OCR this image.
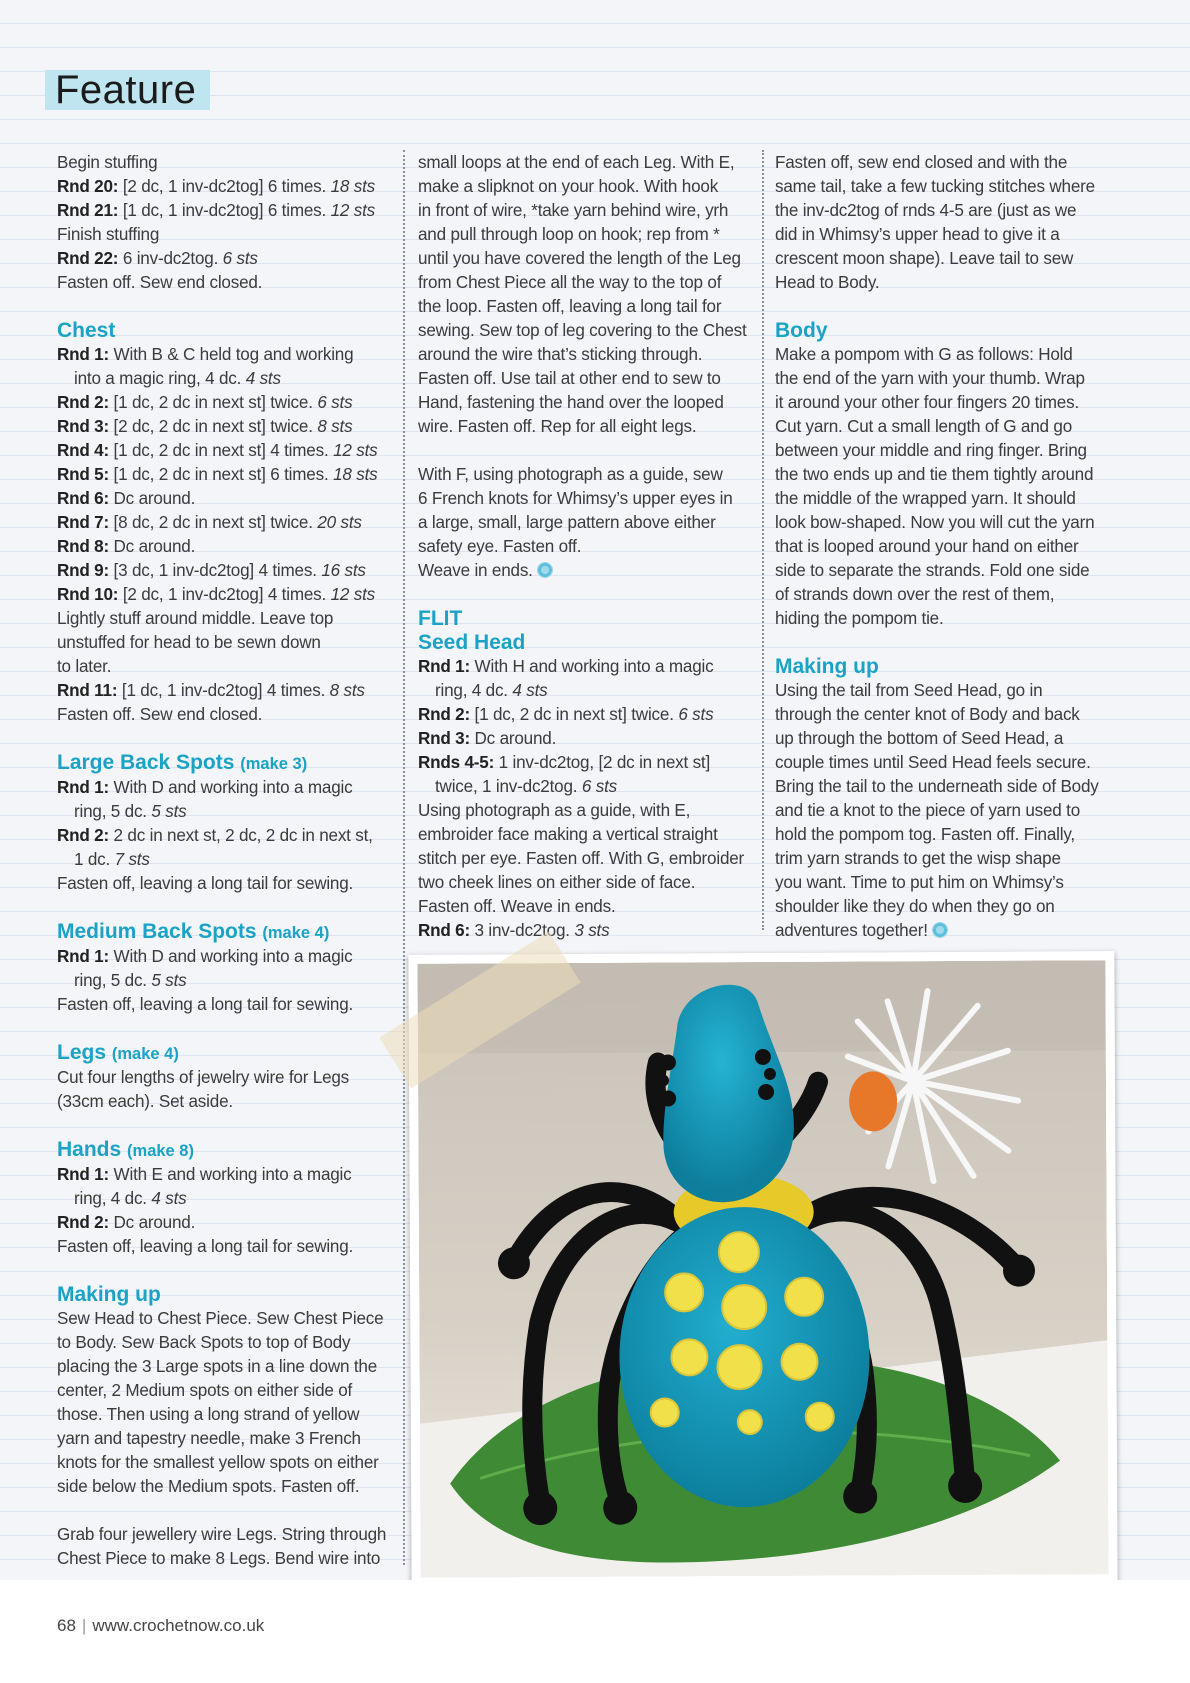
Feature
Begin stuffing
Rnd 20: [2 dc, 1 inv-dc2tog] 6 times. 18 sts
Rnd 21: [1 dc, 1 inv-dc2tog] 6 times. 12 sts
Finish stuffing
Rnd 22: 6 inv-dc2tog. 6 sts
Fasten off. Sew end closed.
Chest
Rnd 1: With B & C held tog and working
into a magic ring, 4 dc. 4 sts
Rnd 2: [1 dc, 2 dc in next st] twice. 6 sts
Rnd 3: [2 dc, 2 dc in next st] twice. 8 sts
Rnd 4: [1 dc, 2 dc in next st] 4 times. 12 sts
Rnd 5: [1 dc, 2 dc in next st] 6 times. 18 sts
Rnd 6: Dc around.
Rnd 7: [8 dc, 2 dc in next st] twice. 20 sts
Rnd 8: Dc around.
Rnd 9: [3 dc, 1 inv-dc2tog] 4 times. 16 sts
Rnd 10: [2 dc, 1 inv-dc2tog] 4 times. 12 sts
Lightly stuff around middle. Leave top
unstuffed for head to be sewn down
to later.
Rnd 11: [1 dc, 1 inv-dc2tog] 4 times. 8 sts
Fasten off. Sew end closed.
Large Back Spots (make 3)
Rnd 1: With D and working into a magic
ring, 5 dc. 5 sts
Rnd 2: 2 dc in next st, 2 dc, 2 dc in next st,
1 dc. 7 sts
Fasten off, leaving a long tail for sewing.
Medium Back Spots (make 4)
Rnd 1: With D and working into a magic
ring, 5 dc. 5 sts
Fasten off, leaving a long tail for sewing.
Legs (make 4)
Cut four lengths of jewelry wire for Legs
(33cm each). Set aside.
Hands (make 8)
Rnd 1: With E and working into a magic
ring, 4 dc. 4 sts
Rnd 2: Dc around.
Fasten off, leaving a long tail for sewing.
Making up
Sew Head to Chest Piece. Sew Chest Piece
to Body. Sew Back Spots to top of Body
placing the 3 Large spots in a line down the
center, 2 Medium spots on either side of
those. Then using a long strand of yellow
yarn and tapestry needle, make 3 French
knots for the smallest yellow spots on either
side below the Medium spots. Fasten off.
Grab four jewellery wire Legs. String through
Chest Piece to make 8 Legs. Bend wire into
small loops at the end of each Leg. With E,
make a slipknot on your hook. With hook
in front of wire, *take yarn behind wire, yrh
and pull through loop on hook; rep from *
until you have covered the length of the Leg
from Chest Piece all the way to the top of
the loop. Fasten off, leaving a long tail for
sewing. Sew top of leg covering to the Chest
around the wire that’s sticking through.
Fasten off. Use tail at other end to sew to
Hand, fastening the hand over the looped
wire. Fasten off. Rep for all eight legs.
With F, using photograph as a guide, sew
6 French knots for Whimsy’s upper eyes in
a large, small, large pattern above either
safety eye. Fasten off.
Weave in ends.
FLIT
Seed Head
Rnd 1: With H and working into a magic
ring, 4 dc. 4 sts
Rnd 2: [1 dc, 2 dc in next st] twice. 6 sts
Rnd 3: Dc around.
Rnds 4-5: 1 inv-dc2tog, [2 dc in next st]
twice, 1 inv-dc2tog. 6 sts
Using photograph as a guide, with E,
embroider face making a vertical straight
stitch per eye. Fasten off. With G, embroider
two cheek lines on either side of face.
Fasten off. Weave in ends.
Rnd 6: 3 inv-dc2tog. 3 sts
Fasten off, sew end closed and with the
same tail, take a few tucking stitches where
the inv-dc2tog of rnds 4-5 are (just as we
did in Whimsy’s upper head to give it a
crescent moon shape). Leave tail to sew
Head to Body.
Body
Make a pompom with G as follows: Hold
the end of the yarn with your thumb. Wrap
it around your other four fingers 20 times.
Cut yarn. Cut a small length of G and go
between your middle and ring finger. Bring
the two ends up and tie them tightly around
the middle of the wrapped yarn. It should
look bow-shaped. Now you will cut the yarn
that is looped around your hand on either
side to separate the strands. Fold one side
of strands down over the rest of them,
hiding the pompom tie.
Making up
Using the tail from Seed Head, go in
through the center knot of Body and back
up through the bottom of Seed Head, a
couple times until Seed Head feels secure.
Bring the tail to the underneath side of Body
and tie a knot to the piece of yarn used to
hold the pompom tog. Fasten off. Finally,
trim yarn strands to get the wisp shape
you want. Time to put him on Whimsy’s
shoulder like they do when they go on
adventures together!
68 | www.crochetnow.co.uk
